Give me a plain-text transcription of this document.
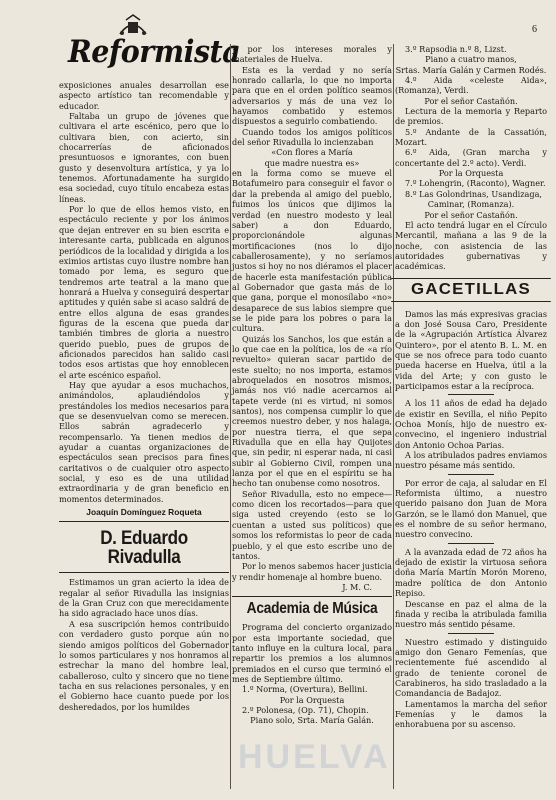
Reformista
6

exposiciones anuales desarrollan ese aspecto artístico tan recomendable y educador.

Faltaba un grupo de jóvenes que cultivara el arte escénico, pero que lo cultivara bien, con acierto, sin chocarrerías de aficionados presuntuosos e ignorantes, con buen gusto y desenvoltura artística, y ya lo tenemos. Afortunadamente ha surgido esa sociedad, cuyo título encabeza estas líneas.

Por lo que de ellos hemos visto, en espectáculo reciente y por los ánimos que dejan entrever en su bien escrita e interesante carta, publicada en algunos periódicos de la localidad y dirigida a los eximios artistas cuyo ilustre nombre han tomado por lema, es seguro que tendremos arte teatral a la mano que honrará a Huelva y conseguirá despertar aptitudes y quién sabe si acaso saldrá de entre ellos alguna de esas grandes figuras de la escena que pueda dar también timbres de gloria a nuestro querido pueblo, pues de grupos de aficionados parecidos han salido casi todos esos artistas que hoy ennoblecen el arte escénico español.

Hay que ayudar a esos muchachos, animándolos, aplaudiéndolos y prestándoles los medios necesarios para que se desenvuelvan como se merecen. Ellos sabrán agradecerlo y recompensarlo. Ya tienen medios de ayudar a cuantas organizaciones de espectáculos sean precisos para fines caritativos o de cualquier otro aspecto social, y eso es de una utilidad extraordinaria y de gran beneficio en momentos determinados.

Joaquín Domínguez Roqueta

D. Eduardo Rivadulla

Estimamos un gran acierto la idea de regalar al señor Rivadulla las insignias de la Gran Cruz con que merecidamente ha sido agraciado hace unos días.

A esa suscripción hemos contribuido con verdadero gusto porque aún no siendo amigos políticos del Gobernador lo somos particulares y nos honramos al estrechar la mano del hombre leal, caballeroso, culto y sincero que no tiene tacha en sus relaciones personales, y en el Gobierno hace cuanto puede por los desheredados, por los humildes

y por los intereses morales y materiales de Huelva.

Esta es la verdad y no sería honrado callarla, lo que no importa para que en el orden político seamos adversarios y más de una vez lo hayamos combatido y estemos dispuestos a seguirlo combatiendo.

Cuando todos los amigos políticos del señor Rivadulla lo incienzaban

«Con flores a María

que madre nuestra es»

en la forma como se mueve el Botafumeiro para conseguir el favor o dar la prebenda al amigo del pueblo, fuimos los únicos que dijimos la verdad (en nuestro modesto y leal saber) a don Eduardo, proporcionándole algunas mortificaciones (nos lo dijo caballerosamente), y no seríamos justos si hoy no nos diéramos el placer de hacerle esta manifestación pública al Gobernador que gasta más de lo que gana, porque el monosílabo «no» desaparece de sus labios siempre que se le pide para los pobres o para la cultura.

Quizás los Sanchos, los que están a lo que cae en la política, los de «a río revuelto» quieran sacar partido de este suelto; no nos importa, estamos abroquelados en nosotros mismos, jamás nos vió nadie acercarnos al tapete verde (ni es virtud, ni somos santos), nos compensa cumplir lo que creemos nuestro deber, y nos halaga, por nuestra tierra, el que sepa Rivadulla que en ella hay Quijotes que, sin pedir, ni esperar nada, ni casi subir al Gobierno Civil, rompen una lanza por el que en el espíritu se ha hecho tan onubense como nosotros.

Señor Rivadulla, esto no empece—como dicen los recortados—para que siga usted creyendo (esto se lo cuentan a usted sus políticos) que somos los reformistas lo peor de cada pueblo, y el que esto escribe uno de tantos.

Por lo menos sabemos hacer justicia y rendir homenaje al hombre bueno.

J. M. C.

Academia de Música

Programa del concierto organizado por esta importante sociedad, que tanto influye en la cultura local, para repartir los premios a los alumnos premiados en el curso que terminó el mes de Septiembre último.

1.º Norma, (Overtura), Bellini.

Por la Orquesta

2.º Polonesa, (Op. 71), Chopin.

Piano solo, Srta. María Galán.

3.º Rapsodia n.º 8, Lizst.

Piano a cuatro manos,

Srtas. María Galán y Carmen Rodés.

4.º Aida «celeste Aida», (Romanza), Verdi.

Por el señor Castañón.

Lectura de la memoria y Reparto de premios.

5.º Andante de la Cassatión, Mozart.

6.º Aida, (Gran marcha y concertante del 2.º acto). Verdi.

Por la Orquesta

7.º Lohengrin, (Raconto), Wagner.

8.º Las Golondrinas, Usandizaga,

Caminar, (Romanza).

Por el señor Castañón.

El acto tendrá lugar en el Círculo Mercantil, mañana a las 9 de la noche, con asistencia de las autoridades gubernativas y académicas.

GACETILLAS

Damos las más expresivas gracias a don José Sousa Caro, Presidente de la «Agrupación Artística Álvarez Quintero», por el atento B. L. M. en que se nos ofrece para todo cuanto pueda hacerse en Huelva, útil a la vida del Arte; y con gusto le participamos estar a la recíproca.

A los 11 años de edad ha dejado de existir en Sevilla, el niño Pepito Ochoa Monís, hijo de nuestro ex-convecino, el ingeniero industrial don Antonio Ochoa Parias.

A los atribulados padres enviamos nuestro pésame más sentido.

Por error de caja, al saludar en El Reformista último, a nuestro querido paisano don Juan de Mora Garzón, se le llamó don Manuel, que es el nombre de su señor hermano, nuestro convecino.

A la avanzada edad de 72 años ha dejado de existir la virtuosa señora doña María Martín Morón Moreno, madre política de don Antonio Repiso.

Descanse en paz el alma de la finada y reciba la atribulada familia nuestro más sentido pésame.

Nuestro estimado y distinguido amigo don Genaro Femenías, que recientemente fué ascendido al grado de teniente coronel de Carabineros, ha sido trasladado a la Comandancia de Badajoz.

Lamentamos la marcha del señor Femenías y le damos la enhorabuena por su ascenso.

HUELVA
